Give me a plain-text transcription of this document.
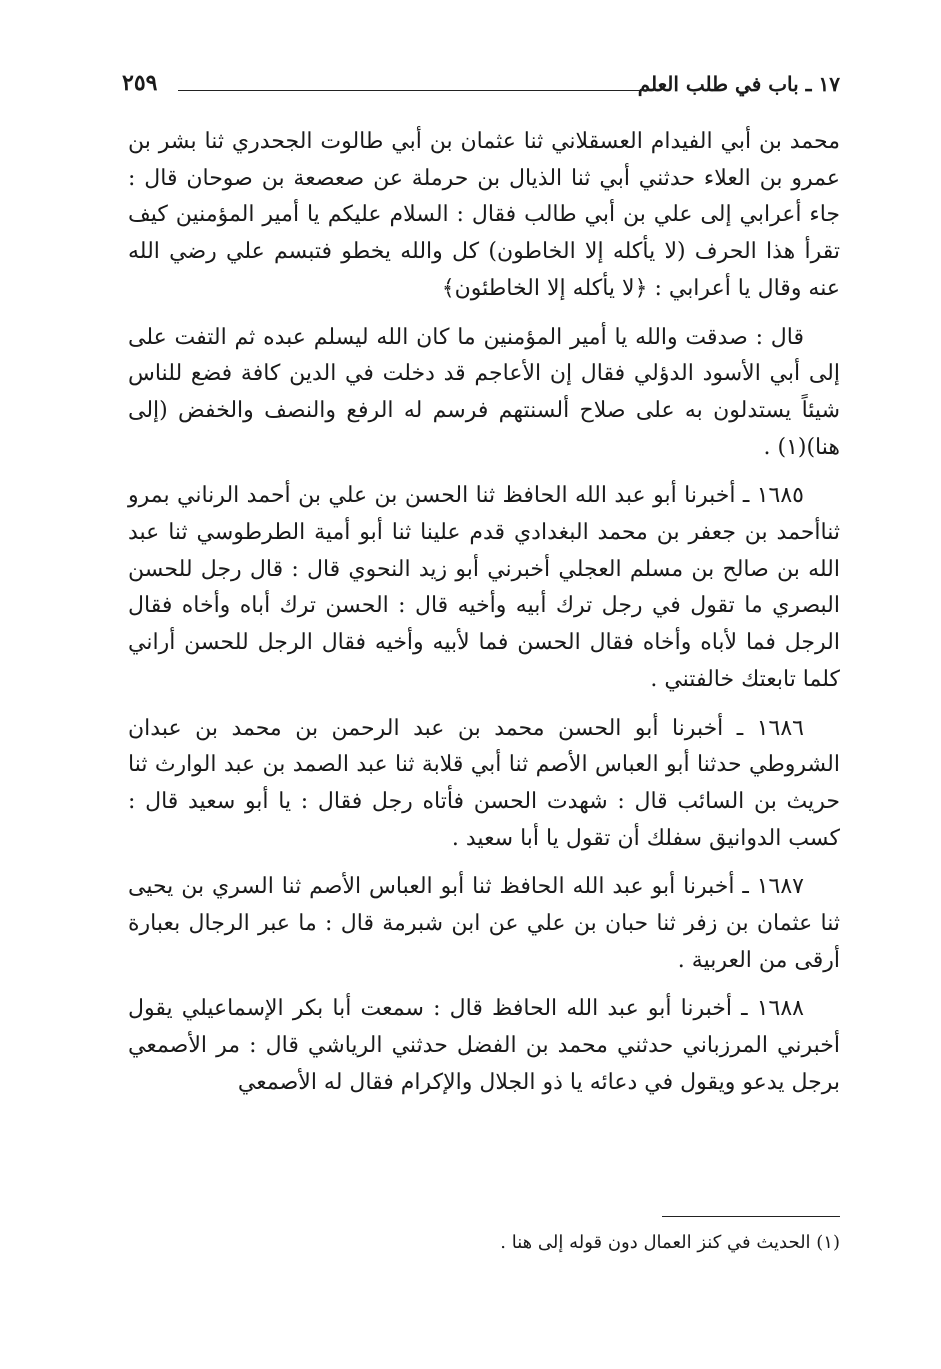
١٧ ـ باب في طلب العلم
٢٥٩

محمد بن أبي الفيدام العسقلاني ثنا عثمان بن أبي طالوت الجحدري ثنا بشر بن عمرو بن العلاء حدثني أبي ثنا الذيال بن حرملة عن صعصعة بن صوحان قال : جاء أعرابي إلى علي بن أبي طالب فقال : السلام عليكم يا أمير المؤمنين كيف تقرأ هذا الحرف (لا يأكله إلا الخاطون) كل والله يخطو فتبسم علي رضي الله عنه وقال يا أعرابي : ﴿لا يأكله إلا الخاطئون﴾

قال : صدقت والله يا أمير المؤمنين ما كان الله ليسلم عبده ثم التفت على إلى أبي الأسود الدؤلي فقال إن الأعاجم قد دخلت في الدين كافة فضع للناس شيئاً يستدلون به على صلاح ألسنتهم فرسم له الرفع والنصف والخفض (إلى هنا)(١) .

١٦٨٥ ـ أخبرنا أبو عبد الله الحافظ ثنا الحسن بن علي بن أحمد الرناني بمرو ثناأحمد بن جعفر بن محمد البغدادي قدم علينا ثنا أبو أمية الطرطوسي ثنا عبد الله بن صالح بن مسلم العجلي أخبرني أبو زيد النحوي قال : قال رجل للحسن البصري ما تقول في رجل ترك أبيه وأخيه قال : الحسن ترك أباه وأخاه فقال الرجل فما لأباه وأخاه فقال الحسن فما لأبيه وأخيه فقال الرجل للحسن أراني كلما تابعتك خالفتني .

١٦٨٦ ـ أخبرنا أبو الحسن محمد بن عبد الرحمن بن محمد بن عبدان الشروطي حدثنا أبو العباس الأصم ثنا أبي قلابة ثنا عبد الصمد بن عبد الوارث ثنا حريث بن السائب قال : شهدت الحسن فأتاه رجل فقال : يا أبو سعيد قال : كسب الدوانيق سفلك أن تقول يا أبا سعيد .

١٦٨٧ ـ أخبرنا أبو عبد الله الحافظ ثنا أبو العباس الأصم ثنا السري بن يحيى ثنا عثمان بن زفر ثنا حبان بن علي عن ابن شبرمة قال : ما عبر الرجال بعبارة أرقى من العربية .

١٦٨٨ ـ أخبرنا أبو عبد الله الحافظ قال : سمعت أبا بكر الإسماعيلي يقول أخبرني المرزباني حدثني محمد بن الفضل حدثني الرياشي قال : مر الأصمعي برجل يدعو ويقول في دعائه يا ذو الجلال والإكرام فقال له الأصمعي

(١) الحديث في كنز العمال دون قوله إلى هنا .
